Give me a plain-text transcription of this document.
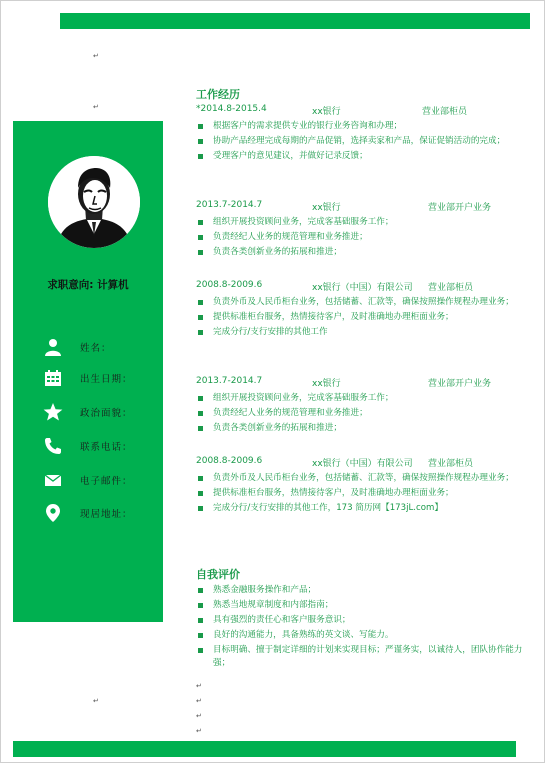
↵
↵
↵
求职意向: 计算机
姓名：
出生日期：
政治面貌：
联系电话：
电子邮件：
现居地址：
工作经历
*2014.8-2015.4	xx银行	营业部柜员
根据客户的需求提供专业的银行业务咨询和办理；
协助产品经理完成每期的产品促销，选择卖家和产品，保证促销活动的完成；
受理客户的意见建议，并做好记录反馈；
2013.7-2014.7	xx银行	营业部开户业务
组织开展投资顾问业务，完成客基础服务工作；
负责经纪人业务的规范管理和业务推进；
负责各类创新业务的拓展和推进；
2008.8-2009.6	xx银行（中国）有限公司 营业部柜员
负责外币及人民币柜台业务，包括储蓄、汇款等，确保按照操作规程办理业务；
提供标准柜台服务，热情接待客户，及时准确地办理柜面业务；
完成分行/支行安排的其他工作
2013.7-2014.7	xx银行	营业部开户业务
组织开展投资顾问业务，完成客基础服务工作；
负责经纪人业务的规范管理和业务推进；
负责各类创新业务的拓展和推进；
2008.8-2009.6	xx银行（中国）有限公司 营业部柜员
负责外币及人民币柜台业务，包括储蓄、汇款等，确保按照操作规程办理业务；
提供标准柜台服务，热情接待客户，及时准确地办理柜面业务；
完成分行/支行安排的其他工作，173 简历网【173jL.com】
自我评价
熟悉金融服务操作和产品；
熟悉当地规章制度和内部指南；
具有强烈的责任心和客户服务意识；
良好的沟通能力，具备熟练的英文谈、写能力。
目标明确、擅于制定详细的计划来实现目标；严谨务实，以诚待人，团队协作能力强；
↵
↵
↵
↵
